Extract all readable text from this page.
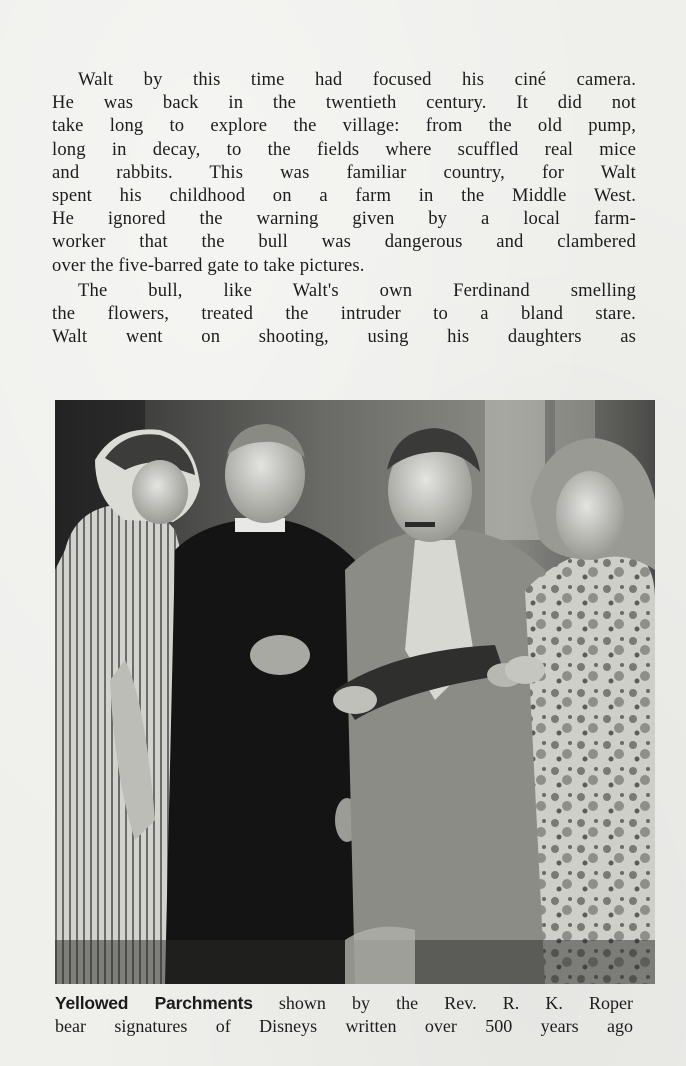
Walt by this time had focused his ciné camera.
He was back in the twentieth century. It did not
take long to explore the village: from the old pump,
long in decay, to the fields where scuffled real mice
and rabbits. This was familiar country, for Walt
spent his childhood on a farm in the Middle West.
He ignored the warning given by a local farm-
worker that the bull was dangerous and clambered
over the five-barred gate to take pictures.

The bull, like Walt's own Ferdinand smelling
the flowers, treated the intruder to a bland stare.
Walt went on shooting, using his daughters as

Yellowed Parchments shown by the Rev. R. K. Roper
bear signatures of Disneys written over 500 years ago
